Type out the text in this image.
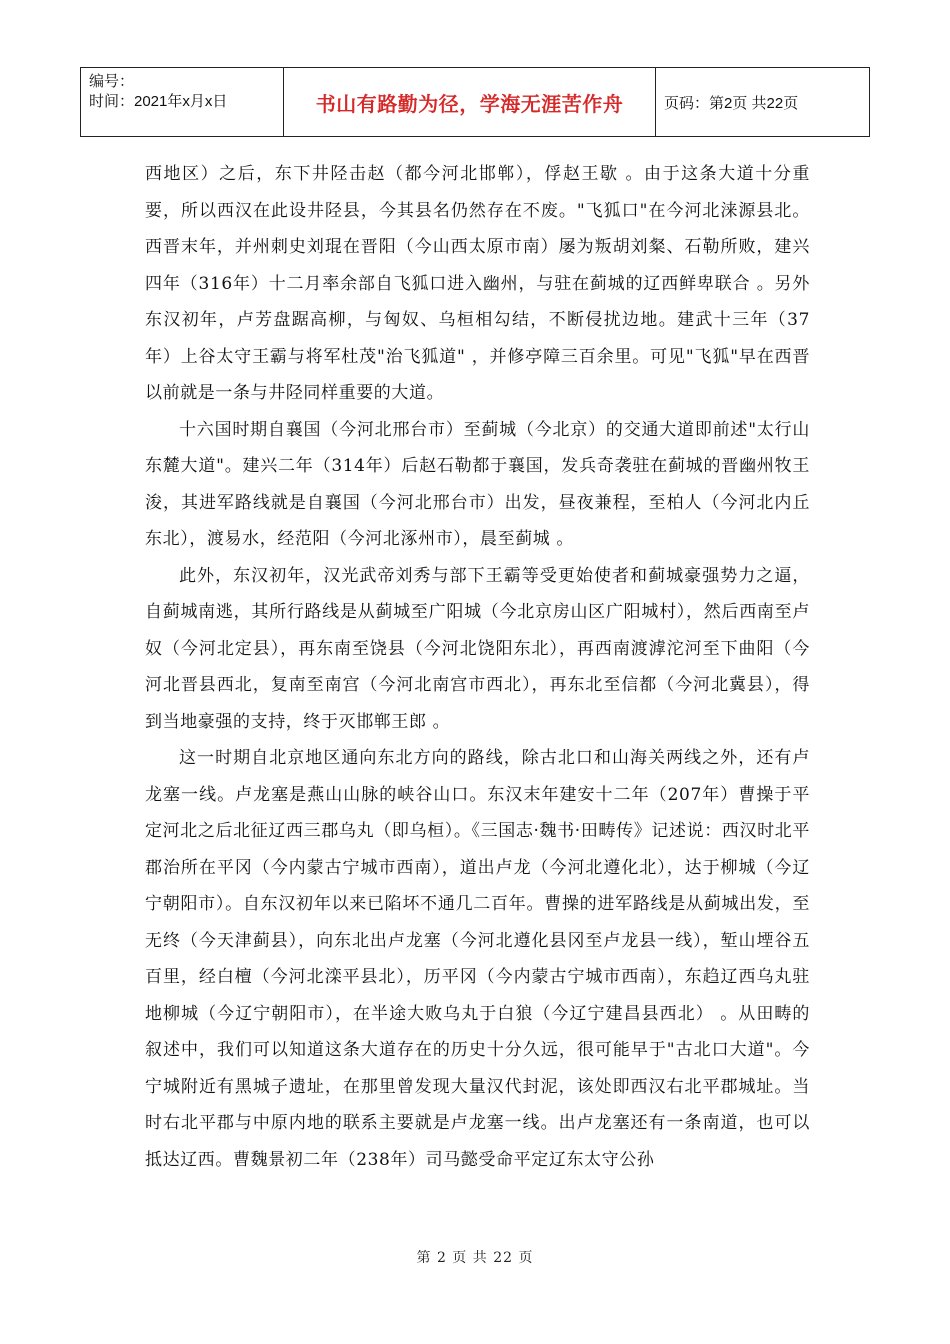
编号：
时间：2021年x月x日	书山有路勤为径，学海无涯苦作舟	页码：第2页 共22页

西地区）之后，东下井陉击赵（都今河北邯郸），俘赵王歇 。由于这条大道十分重要，所以西汉在此设井陉县，今其县名仍然存在不废。"飞狐口"在今河北涞源县北。西晋末年，并州刺史刘琨在晋阳（今山西太原市南）屡为叛胡刘粲、石勒所败，建兴四年（316年）十二月率余部自飞狐口进入幽州，与驻在蓟城的辽西鲜卑联合 。另外东汉初年，卢芳盘踞高柳，与匈奴、乌桓相勾结，不断侵扰边地。建武十三年（37年）上谷太守王霸与将军杜茂"治飞狐道" ，并修亭障三百余里。可见"飞狐"早在西晋以前就是一条与井陉同样重要的大道。

十六国时期自襄国（今河北邢台市）至蓟城（今北京）的交通大道即前述"太行山东麓大道"。建兴二年（314年）后赵石勒都于襄国，发兵奇袭驻在蓟城的晋幽州牧王浚，其进军路线就是自襄国（今河北邢台市）出发，昼夜兼程，至柏人（今河北内丘东北），渡易水，经范阳（今河北涿州市），晨至蓟城 。

此外，东汉初年，汉光武帝刘秀与部下王霸等受更始使者和蓟城豪强势力之逼，自蓟城南逃，其所行路线是从蓟城至广阳城（今北京房山区广阳城村），然后西南至卢奴（今河北定县），再东南至饶县（今河北饶阳东北），再西南渡滹沱河至下曲阳（今河北晋县西北，复南至南宫（今河北南宫市西北），再东北至信都（今河北冀县），得到当地豪强的支持，终于灭邯郸王郎 。

这一时期自北京地区通向东北方向的路线，除古北口和山海关两线之外，还有卢龙塞一线。卢龙塞是燕山山脉的峡谷山口。东汉末年建安十二年（207年）曹操于平定河北之后北征辽西三郡乌丸（即乌桓）。《三国志·魏书·田畴传》记述说：西汉时北平郡治所在平冈（今内蒙古宁城市西南），道出卢龙（今河北遵化北），达于柳城（今辽宁朝阳市）。自东汉初年以来已陷坏不通几二百年。曹操的进军路线是从蓟城出发，至无终（今天津蓟县），向东北出卢龙塞（今河北遵化县冈至卢龙县一线），堑山堙谷五百里，经白檀（今河北滦平县北），历平冈（今内蒙古宁城市西南），东趋辽西乌丸驻地柳城（今辽宁朝阳市），在半途大败乌丸于白狼（今辽宁建昌县西北） 。从田畴的叙述中，我们可以知道这条大道存在的历史十分久远，很可能早于"古北口大道"。今宁城附近有黑城子遗址，在那里曾发现大量汉代封泥，该处即西汉右北平郡城址。当时右北平郡与中原内地的联系主要就是卢龙塞一线。出卢龙塞还有一条南道，也可以抵达辽西。曹魏景初二年（238年）司马懿受命平定辽东太守公孙

第 2 页 共 22 页
